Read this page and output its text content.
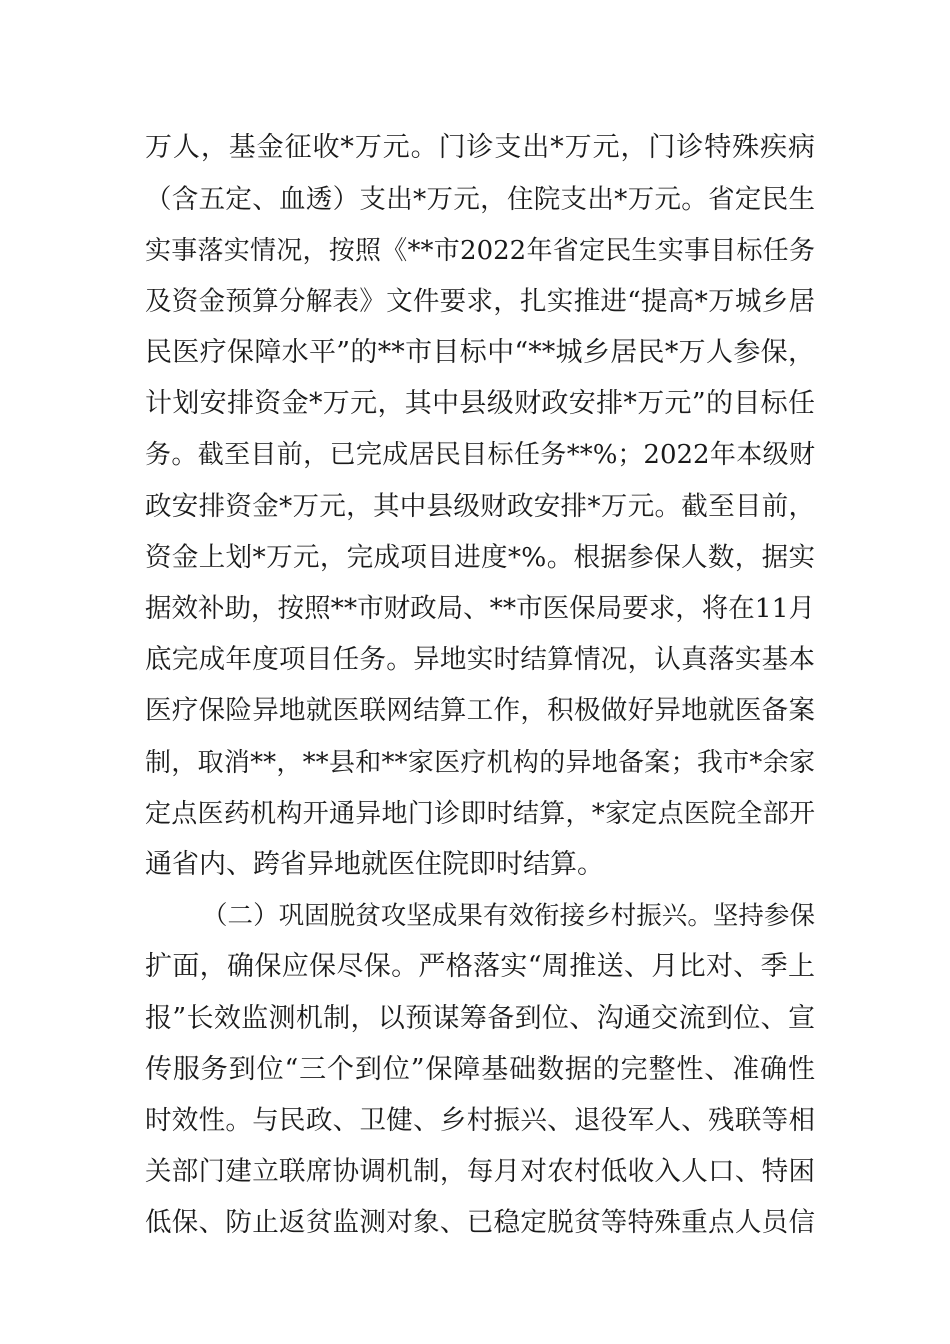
万人，基金征收*万元。门诊支出*万元，门诊特殊疾病
（含五定、血透）支出*万元，住院支出*万元。省定民生
实事落实情况，按照《**市2022年省定民生实事目标任务
及资金预算分解表》文件要求，扎实推进“提高*万城乡居
民医疗保障水平”的**市目标中“**城乡居民*万人参保，
计划安排资金*万元，其中县级财政安排*万元”的目标任
务。截至目前，已完成居民目标任务**%；2022年本级财
政安排资金*万元，其中县级财政安排*万元。截至目前，
资金上划*万元，完成项目进度*%。根据参保人数，据实
据效补助，按照**市财政局、**市医保局要求，将在11月
底完成年度项目任务。异地实时结算情况，认真落实基本
医疗保险异地就医联网结算工作，积极做好异地就医备案
制，取消**，**县和**家医疗机构的异地备案；我市*余家
定点医药机构开通异地门诊即时结算，*家定点医院全部开
通省内、跨省异地就医住院即时结算。
（二）巩固脱贫攻坚成果有效衔接乡村振兴。坚持参保
扩面，确保应保尽保。严格落实“周推送、月比对、季上
报”长效监测机制，以预谋筹备到位、沟通交流到位、宣
传服务到位“三个到位”保障基础数据的完整性、准确性
时效性。与民政、卫健、乡村振兴、退役军人、残联等相
关部门建立联席协调机制，每月对农村低收入人口、特困
低保、防止返贫监测对象、已稳定脱贫等特殊重点人员信
